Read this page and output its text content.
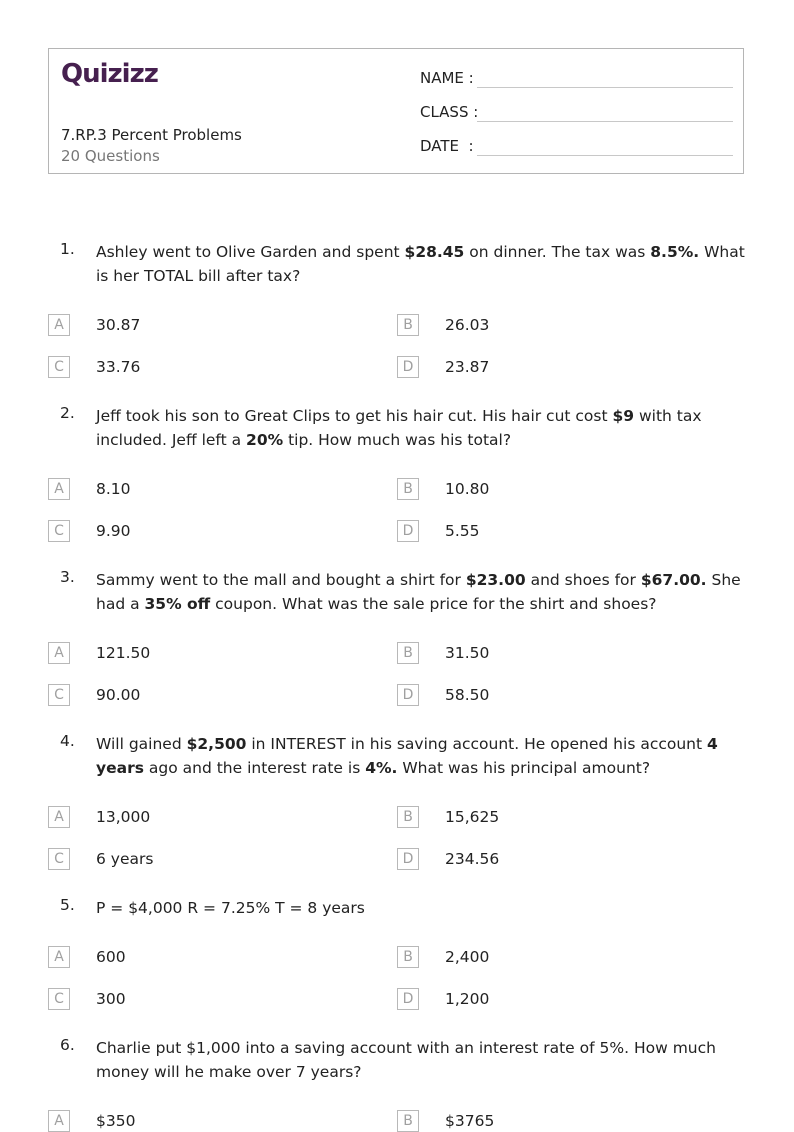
Quizizz
7.RP.3 Percent Problems
20 Questions
NAME :
CLASS :
DATE  :
1. Ashley went to Olive Garden and spent $28.45 on dinner. The tax was 8.5%. What is her TOTAL bill after tax?
A	30.87	B	26.03
C	33.76	D	23.87
2. Jeff took his son to Great Clips to get his hair cut. His hair cut cost $9 with tax included. Jeff left a 20% tip. How much was his total?
A	8.10	B	10.80
C	9.90	D	5.55
3. Sammy went to the mall and bought a shirt for $23.00 and shoes for $67.00. She had a 35% off coupon. What was the sale price for the shirt and shoes?
A	121.50	B	31.50
C	90.00	D	58.50
4. Will gained $2,500 in INTEREST in his saving account. He opened his account 4 years ago and the interest rate is 4%. What was his principal amount?
A	13,000	B	15,625
C	6 years	D	234.56
5. P = $4,000 R = 7.25% T = 8 years
A	600	B	2,400
C	300	D	1,200
6. Charlie put $1,000 into a saving account with an interest rate of 5%. How much money will he make over 7 years?
A	$350	B	$3765
